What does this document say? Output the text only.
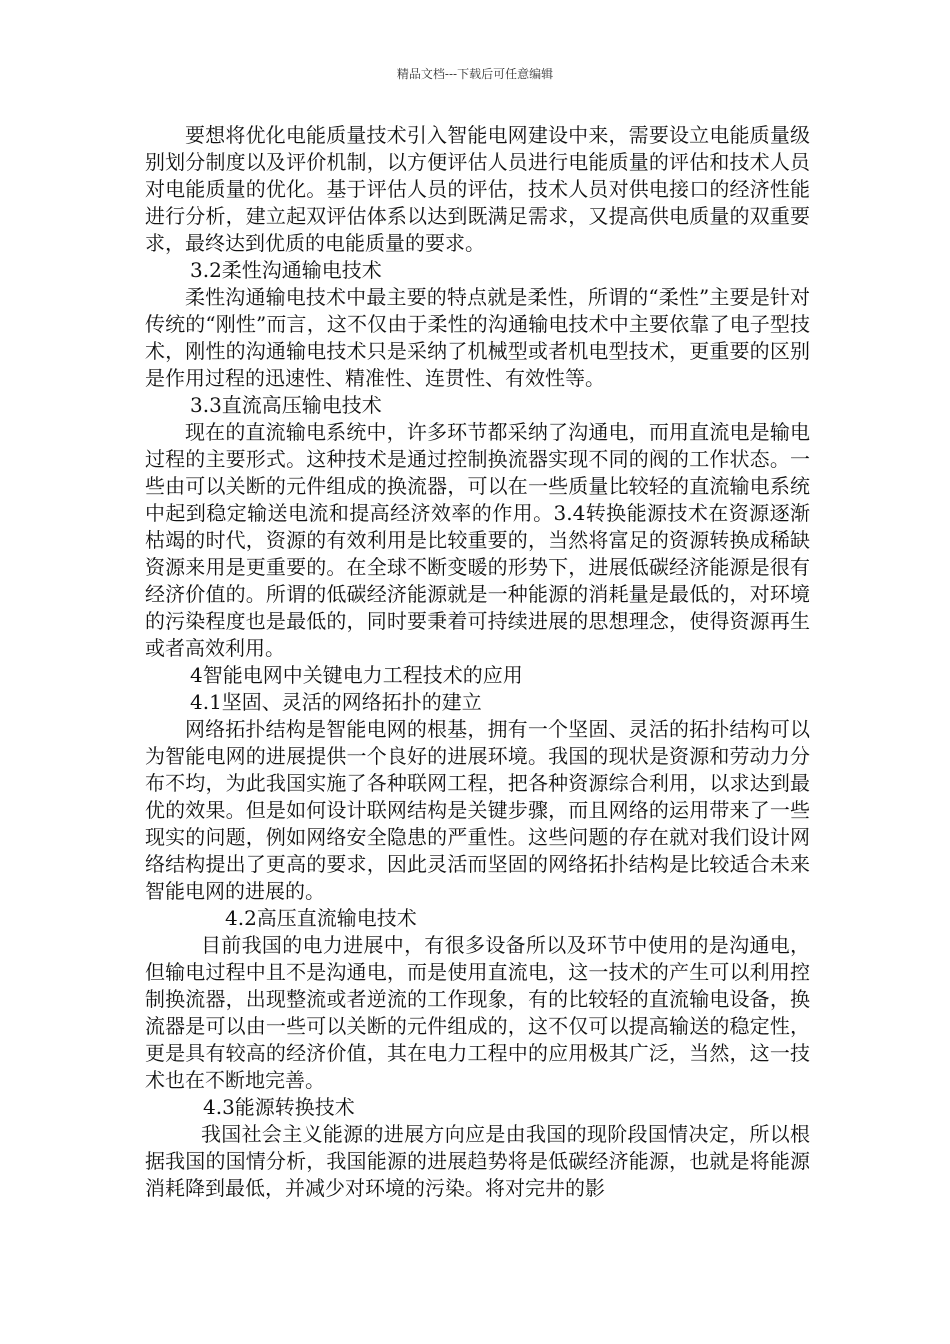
精品文档---下载后可任意编辑

要想将优化电能质量技术引入智能电网建设中来，需要设立电能质量级别划分制度以及评价机制，以方便评估人员进行电能质量的评估和技术人员对电能质量的优化。基于评估人员的评估，技术人员对供电接口的经济性能进行分析，建立起双评估体系以达到既满足需求，又提高供电质量的双重要求，最终达到优质的电能质量的要求。

3.2柔性沟通输电技术

柔性沟通输电技术中最主要的特点就是柔性，所谓的“柔性”主要是针对传统的“刚性”而言，这不仅由于柔性的沟通输电技术中主要依靠了电子型技术，刚性的沟通输电技术只是采纳了机械型或者机电型技术，更重要的区别是作用过程的迅速性、精准性、连贯性、有效性等。

3.3直流高压输电技术

现在的直流输电系统中，许多环节都采纳了沟通电，而用直流电是输电过程的主要形式。这种技术是通过控制换流器实现不同的阀的工作状态。一些由可以关断的元件组成的换流器，可以在一些质量比较轻的直流输电系统中起到稳定输送电流和提高经济效率的作用。3.4转换能源技术在资源逐渐枯竭的时代，资源的有效利用是比较重要的，当然将富足的资源转换成稀缺资源来用是更重要的。在全球不断变暖的形势下，进展低碳经济能源是很有经济价值的。所谓的低碳经济能源就是一种能源的消耗量是最低的，对环境的污染程度也是最低的，同时要秉着可持续进展的思想理念，使得资源再生或者高效利用。

4智能电网中关键电力工程技术的应用

4.1坚固、灵活的网络拓扑的建立

网络拓扑结构是智能电网的根基，拥有一个坚固、灵活的拓扑结构可以为智能电网的进展提供一个良好的进展环境。我国的现状是资源和劳动力分布不均，为此我国实施了各种联网工程，把各种资源综合利用，以求达到最优的效果。但是如何设计联网结构是关键步骤，而且网络的运用带来了一些现实的问题，例如网络安全隐患的严重性。这些问题的存在就对我们设计网络结构提出了更高的要求，因此灵活而坚固的网络拓扑结构是比较适合未来智能电网的进展的。

4.2高压直流输电技术

目前我国的电力进展中，有很多设备所以及环节中使用的是沟通电，但输电过程中且不是沟通电，而是使用直流电，这一技术的产生可以利用控制换流器，出现整流或者逆流的工作现象，有的比较轻的直流输电设备，换流器是可以由一些可以关断的元件组成的，这不仅可以提高输送的稳定性，更是具有较高的经济价值，其在电力工程中的应用极其广泛，当然，这一技术也在不断地完善。

4.3能源转换技术

我国社会主义能源的进展方向应是由我国的现阶段国情决定，所以根据我国的国情分析，我国能源的进展趋势将是低碳经济能源，也就是将能源消耗降到最低，并减少对环境的污染。将对完井的影
